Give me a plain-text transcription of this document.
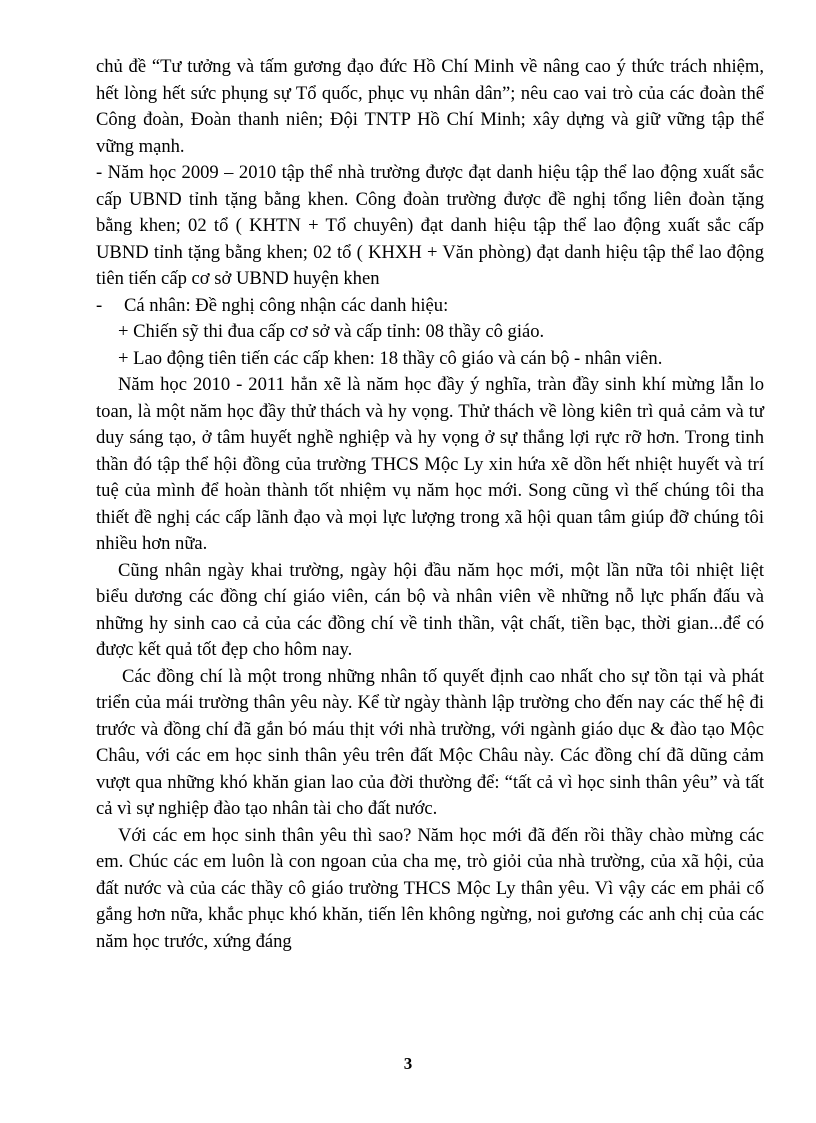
chủ đề “Tư tưởng và tấm gương đạo đức Hồ Chí Minh về nâng cao ý thức trách nhiệm, hết lòng hết sức phụng sự Tổ quốc, phục vụ nhân dân”; nêu cao vai trò của các đoàn thể Công đoàn, Đoàn thanh niên; Đội TNTP Hồ Chí Minh; xây dựng và giữ vững tập thể vững mạnh.

- Năm học 2009 – 2010 tập thể nhà trường được đạt danh hiệu tập thể lao động xuất sắc cấp UBND tỉnh tặng bằng khen. Công đoàn trường được đề nghị tổng liên đoàn tặng bằng khen; 02 tổ ( KHTN + Tổ chuyên) đạt danh hiệu tập thể lao động xuất sắc cấp UBND tỉnh tặng bằng khen; 02 tổ ( KHXH + Văn phòng) đạt danh hiệu tập thể lao động tiên tiến cấp cơ sở UBND huyện khen

-	Cá nhân: Đề nghị công nhận các danh hiệu:

+ Chiến sỹ thi đua cấp cơ sở và cấp tỉnh: 08 thầy cô giáo.

+ Lao động tiên tiến các cấp khen: 18 thầy cô giáo và cán bộ - nhân viên.

Năm học 2010 - 2011 hẳn xẽ là năm học đầy ý nghĩa, tràn đầy sinh khí mừng lẫn lo toan, là một năm học đầy thử thách và hy vọng. Thử thách về lòng kiên trì quả cảm và tư duy sáng tạo, ở tâm huyết nghề nghiệp và hy vọng ở sự thắng lợi rực rỡ hơn. Trong tinh thần đó tập thể hội đồng của trường THCS Mộc Ly xin hứa xẽ dồn hết nhiệt huyết và trí tuệ của mình để hoàn thành tốt nhiệm vụ năm học mới. Song cũng vì thế chúng tôi tha thiết đề nghị các cấp lãnh đạo và mọi lực lượng trong xã hội quan tâm giúp đỡ chúng tôi nhiều hơn nữa.

Cũng nhân ngày khai trường, ngày hội đầu năm học mới, một lần nữa tôi nhiệt liệt biểu dương các đồng chí giáo viên, cán bộ và nhân viên về những nỗ lực phấn đấu và những hy sinh cao cả của các đồng chí về tinh thần, vật chất, tiền bạc, thời gian...để có được kết quả tốt đẹp cho hôm nay.

Các đồng chí là một trong những nhân tố quyết định cao nhất cho sự tồn tại và phát triển của mái trường thân yêu này. Kể từ ngày thành lập trường cho đến nay các thế hệ đi trước và đồng chí đã gắn bó máu thịt với nhà trường, với ngành giáo dục & đào tạo Mộc Châu, với các em học sinh thân yêu trên đất Mộc Châu này. Các đồng chí đã dũng cảm vượt qua những khó khăn gian lao của đời thường để: “tất cả vì học sinh thân yêu” và tất cả vì sự nghiệp đào tạo nhân tài cho đất nước.

Với các em học sinh thân yêu thì sao? Năm học mới đã đến rồi thầy chào mừng các em. Chúc các em luôn là con ngoan của cha mẹ, trò giỏi của nhà trường, của xã hội, của đất nước và của các thầy cô giáo trường THCS Mộc Ly thân yêu. Vì vậy các em phải cố gắng hơn nữa, khắc phục khó khăn, tiến lên không ngừng, noi gương các anh chị của các năm học trước, xứng đáng

3
